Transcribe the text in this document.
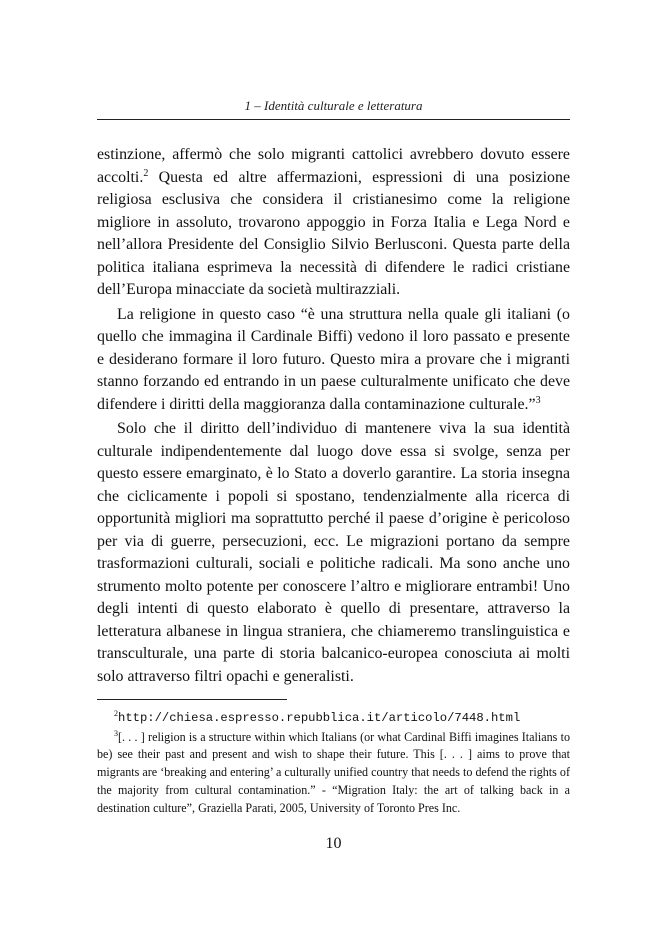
1 – Identità culturale e letteratura

estinzione, affermò che solo migranti cattolici avrebbero dovuto essere accolti.$^2$ Questa ed altre affermazioni, espressioni di una posizione religiosa esclusiva che considera il cristianesimo come la religione migliore in assoluto, trovarono appoggio in Forza Italia e Lega Nord e nell’allora Presidente del Consiglio Silvio Berlusconi. Questa parte della politica italiana esprimeva la necessità di difendere le radici cristiane dell’Europa minacciate da società multirazziali.

La religione in questo caso “è una struttura nella quale gli italiani (o quello che immagina il Cardinale Biffi) vedono il loro passato e presente e desiderano formare il loro futuro. Questo mira a provare che i migranti stanno forzando ed entrando in un paese culturalmente unificato che deve difendere i diritti della maggioranza dalla contaminazione culturale.”$^3$

Solo che il diritto dell’individuo di mantenere viva la sua identità culturale indipendentemente dal luogo dove essa si svolge, senza per questo essere emarginato, è lo Stato a doverlo garantire. La storia insegna che ciclicamente i popoli si spostano, tendenzialmente alla ricerca di opportunità migliori ma soprattutto perché il paese d’origine è pericoloso per via di guerre, persecuzioni, ecc. Le migrazioni portano da sempre trasformazioni culturali, sociali e politiche radicali. Ma sono anche uno strumento molto potente per conoscere l’altro e migliorare entrambi! Uno degli intenti di questo elaborato è quello di presentare, attraverso la letteratura albanese in lingua straniera, che chiameremo translinguistica e transculturale, una parte di storia balcanico-europea conosciuta ai molti solo attraverso filtri opachi e generalisti.

$^2$http://chiesa.espresso.repubblica.it/articolo/7448.html

$^3$[. . . ] religion is a structure within which Italians (or what Cardinal Biffi imagines Italians to be) see their past and present and wish to shape their future. This [. . . ] aims to prove that migrants are ‘breaking and entering’ a culturally unified country that needs to defend the rights of the majority from cultural contamination.” - “Migration Italy: the art of talking back in a destination culture”, Graziella Parati, 2005, University of Toronto Pres Inc.

10
